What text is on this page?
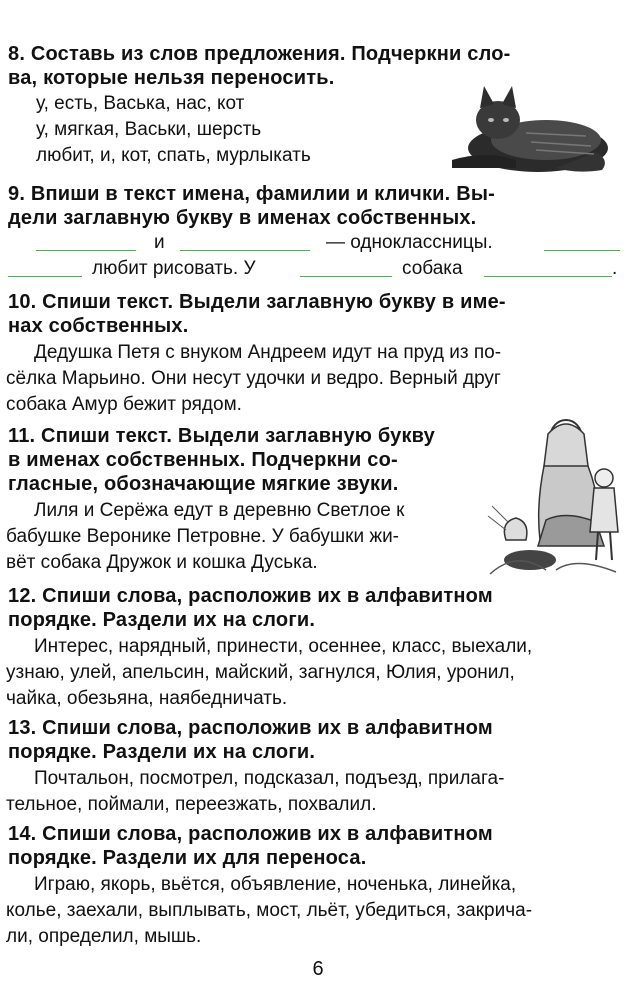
8. Составь из слов предложения. Подчеркни сло-
ва, которые нельзя переносить.

у, есть, Васька, нас, кот
у, мягкая, Васьки, шерсть
любит, и, кот, спать, мурлыкать

9. Впиши в текст имена, фамилии и клички. Вы-
дели заглавную букву в именах собственных.

и	— одноклассницы.
любит рисовать. У	собака	.

10. Спиши текст. Выдели заглавную букву в име-
нах собственных.

Дедушка Петя с внуком Андреем идут на пруд из по-
сёлка Марьино. Они несут удочки и ведро. Верный друг
собака Амур бежит рядом.

11. Спиши текст. Выдели заглавную букву
в именах собственных. Подчеркни со-
гласные, обозначающие мягкие звуки.

Лиля и Серёжа едут в деревню Светлое к
бабушке Веронике Петровне. У бабушки жи-
вёт собака Дружок и кошка Дуська.

12. Спиши слова, расположив их в алфавитном
порядке. Раздели их на слоги.

Интерес, нарядный, принести, осеннее, класс, выехали,
узнаю, улей, апельсин, майский, загнулся, Юлия, уронил,
чайка, обезьяна, наябедничать.

13. Спиши слова, расположив их в алфавитном
порядке. Раздели их на слоги.

Почтальон, посмотрел, подсказал, подъезд, прилага-
тельное, поймали, переезжать, похвалил.

14. Спиши слова, расположив их в алфавитном
порядке. Раздели их для переноса.

Играю, якорь, вьётся, объявление, ноченька, линейка,
колье, заехали, выплывать, мост, льёт, убедиться, закрича-
ли, определил, мышь.
6
